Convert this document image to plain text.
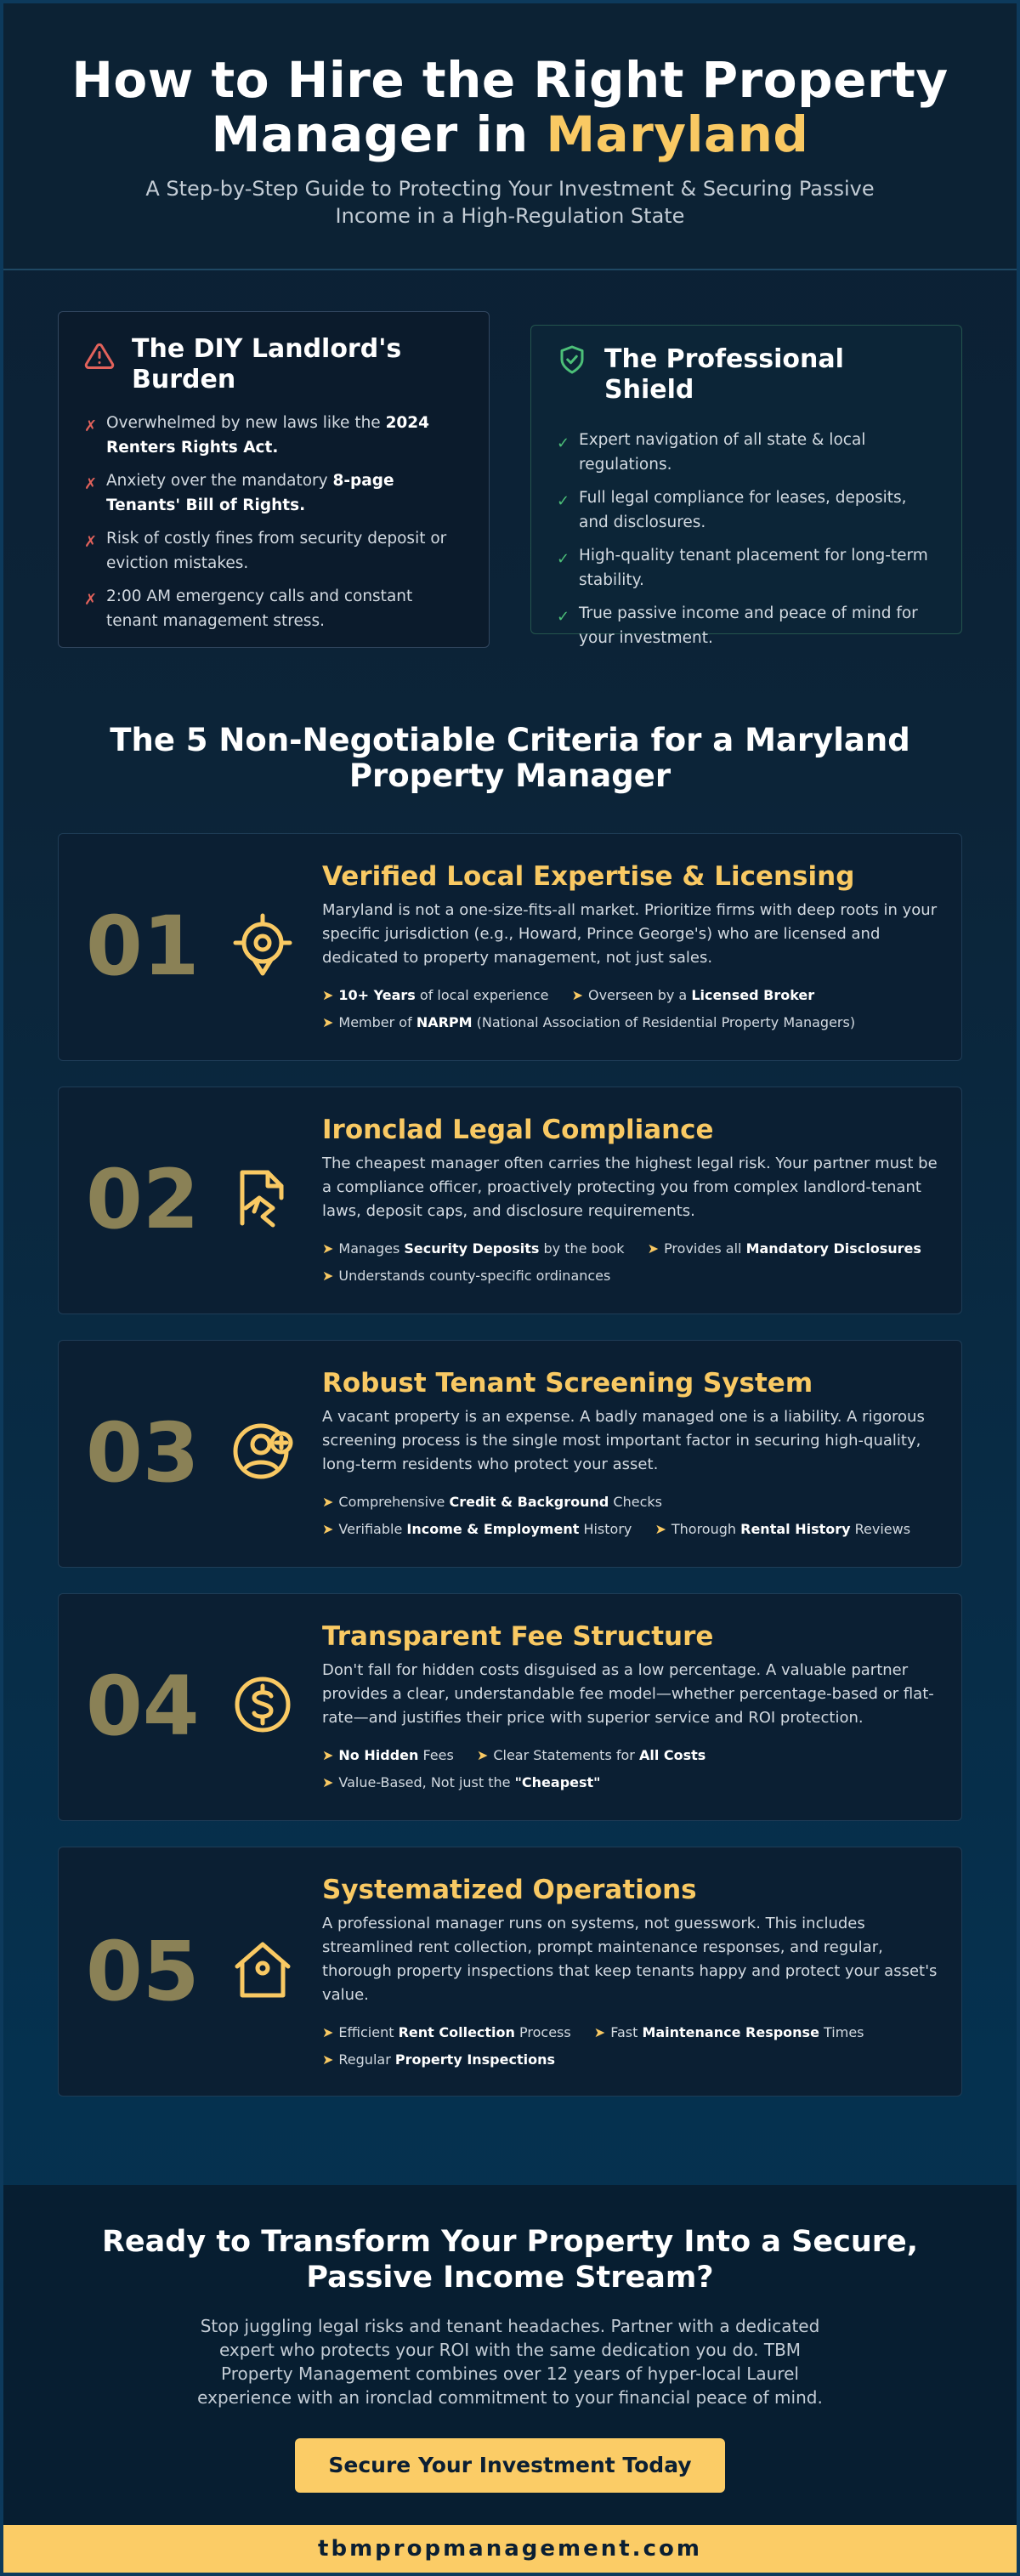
How to Hire the Right Property
Manager in Maryland
A Step-by-Step Guide to Protecting Your Investment & Securing Passive
Income in a High-Regulation State
The DIY Landlord's
Burden
✗ Overwhelmed by new laws like the 2024 Renters Rights Act.
✗ Anxiety over the mandatory 8-page Tenants' Bill of Rights.
✗ Risk of costly fines from security deposit or eviction mistakes.
✗ 2:00 AM emergency calls and constant tenant management stress.
The Professional Shield
✓ Expert navigation of all state & local regulations.
✓ Full legal compliance for leases, deposits, and disclosures.
✓ High-quality tenant placement for long-term stability.
✓ True passive income and peace of mind for your investment.
The 5 Non-Negotiable Criteria for a Maryland
Property Manager
01
Verified Local Expertise & Licensing

Maryland is not a one-size-fits-all market. Prioritize firms with deep roots in your specific jurisdiction (e.g., Howard, Prince George's) who are licensed and dedicated to property management, not just sales.

➤ 10+ Years of local experience ➤ Overseen by a Licensed Broker
➤ Member of NARPM (National Association of Residential Property Managers)
02
Ironclad Legal Compliance

The cheapest manager often carries the highest legal risk. Your partner must be a compliance officer, proactively protecting you from complex landlord-tenant laws, deposit caps, and disclosure requirements.

➤ Manages Security Deposits by the book ➤ Provides all Mandatory Disclosures
➤ Understands county-specific ordinances
03
Robust Tenant Screening System

A vacant property is an expense. A badly managed one is a liability. A rigorous screening process is the single most important factor in securing high-quality, long-term residents who protect your asset.

➤ Comprehensive Credit & Background Checks
➤ Verifiable Income & Employment History ➤ Thorough Rental History Reviews
04
Transparent Fee Structure

Don't fall for hidden costs disguised as a low percentage. A valuable partner provides a clear, understandable fee model—whether percentage-based or flat-rate—and justifies their price with superior service and ROI protection.

➤ No Hidden Fees ➤ Clear Statements for All Costs
➤ Value-Based, Not just the "Cheapest"
05
Systematized Operations

A professional manager runs on systems, not guesswork. This includes streamlined rent collection, prompt maintenance responses, and regular, thorough property inspections that keep tenants happy and protect your asset's value.

➤ Efficient Rent Collection Process ➤ Fast Maintenance Response Times
➤ Regular Property Inspections
Ready to Transform Your Property Into a Secure,
Passive Income Stream?

Stop juggling legal risks and tenant headaches. Partner with a dedicated expert who protects your ROI with the same dedication you do. TBM Property Management combines over 12 years of hyper-local Laurel experience with an ironclad commitment to your financial peace of mind.

Secure Your Investment Today
tbmpropmanagement.com
